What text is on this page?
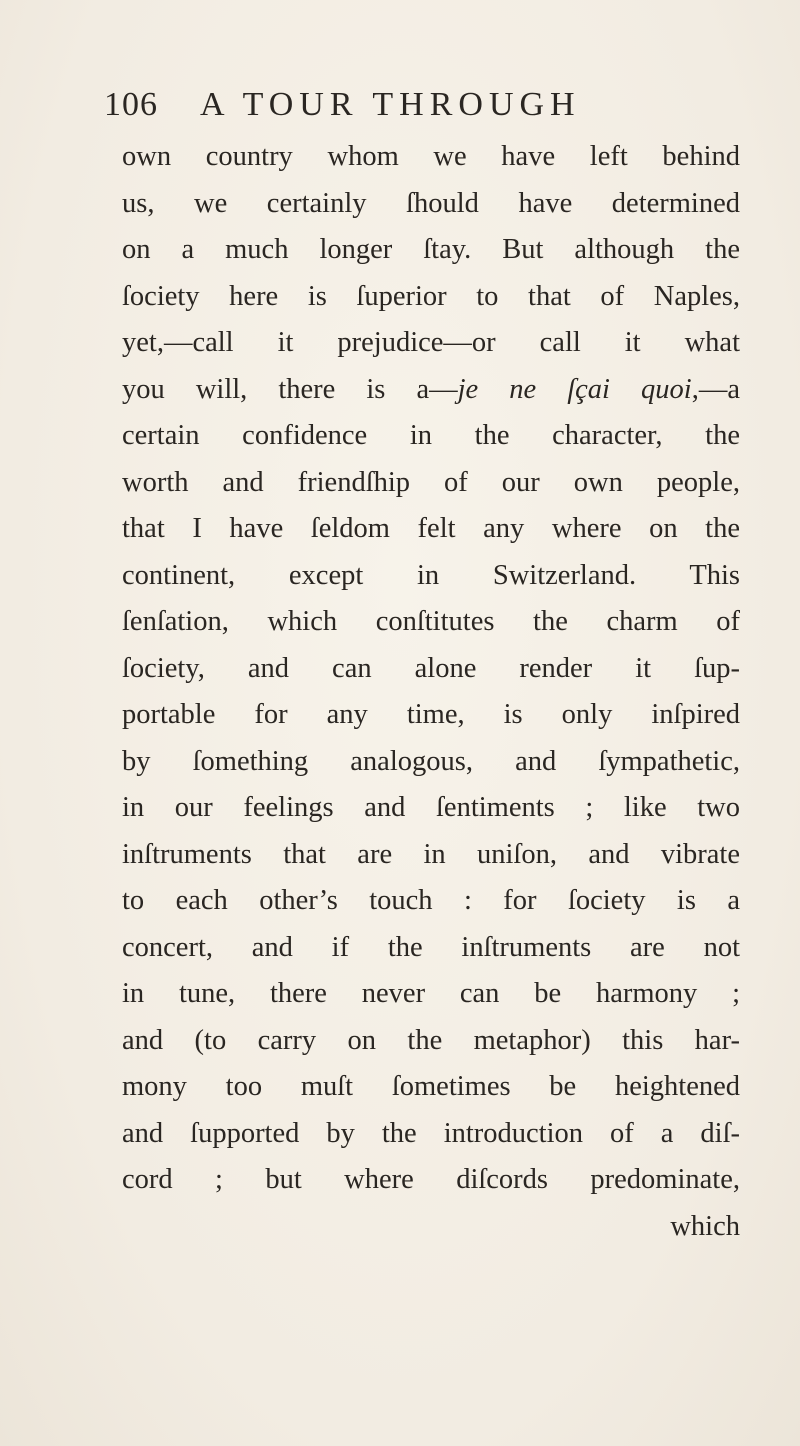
106 A TOUR THROUGH
own country whom we have left behind
us, we certainly ſhould have determined
on a much longer ſtay. But although the
ſociety here is ſuperior to that of Naples,
yet,—call it prejudice—or call it what
you will, there is a—je ne ſçai quoi,—a
certain confidence in the character, the
worth and friendſhip of our own people,
that I have ſeldom felt any where on the
continent, except in Switzerland. This
ſenſation, which conſtitutes the charm of
ſociety, and can alone render it ſup-
portable for any time, is only inſpired
by ſomething analogous, and ſympathetic,
in our feelings and ſentiments ; like two
inſtruments that are in uniſon, and vibrate
to each other’s touch : for ſociety is a
concert, and if the inſtruments are not
in tune, there never can be harmony ;
and (to carry on the metaphor) this har-
mony too muſt ſometimes be heightened
and ſupported by the introduction of a diſ-
cord ; but where diſcords predominate,
which
